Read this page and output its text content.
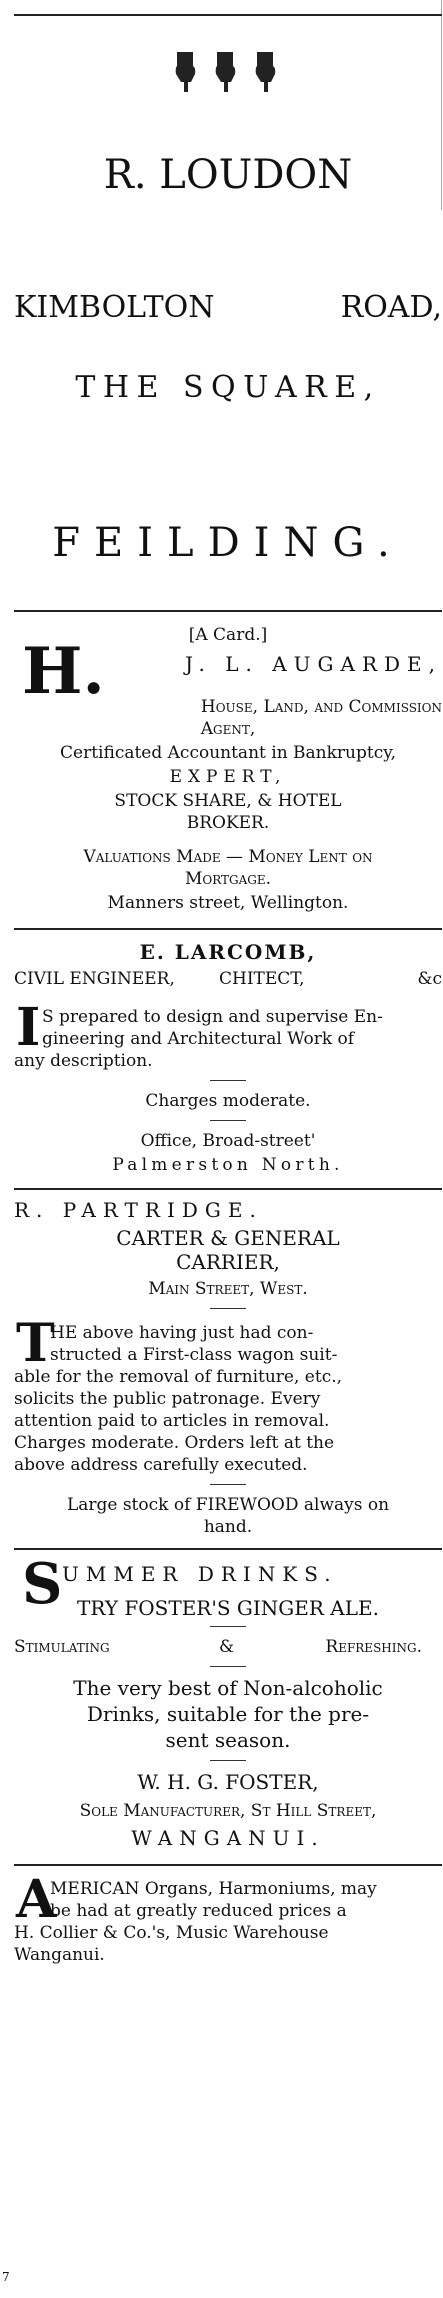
7
R. LOUDON
KIMBOLTON	ROAD,
THE SQUARE,
FEILDING.
[A Card.]
H.	J. L. AUGARDE,
House, Land, and Commission
Agent,
Certificated Accountant in Bankruptcy,
EXPERT,
STOCK SHARE, & HOTEL
BROKER.
Valuations Made — Money Lent on
Mortgage.
Manners street, Wellington.
E. LARCOMB,
CIVIL ENGINEER,	CHITECT,	&c
I S prepared to design and supervise En-
gineering and Architectural Work of
any description.
Charges moderate.
Office, Broad-street'
Palmerston North.
R. PARTRIDGE.
CARTER & GENERAL
CARRIER,
Main Street, West.
T
HE above having just had con-
structed a First-class wagon suit-
able for the removal of furniture, etc.,
solicits the public patronage. Every
attention paid to articles in removal.
Charges moderate. Orders left at the
above address carefully executed.
Large stock of FIREWOOD always on
hand.
S UMMER DRINKS.
TRY FOSTER'S GINGER ALE.
Stimulating	&	Refreshing.
The very best of Non-alcoholic
Drinks, suitable for the pre-
sent season.
W. H. G. FOSTER,
Sole Manufacturer, St Hill Street,
WANGANUI.
A
MERICAN Organs, Harmoniums, may
be had at greatly reduced prices a
H. Collier & Co.'s, Music Warehouse
Wanganui.
